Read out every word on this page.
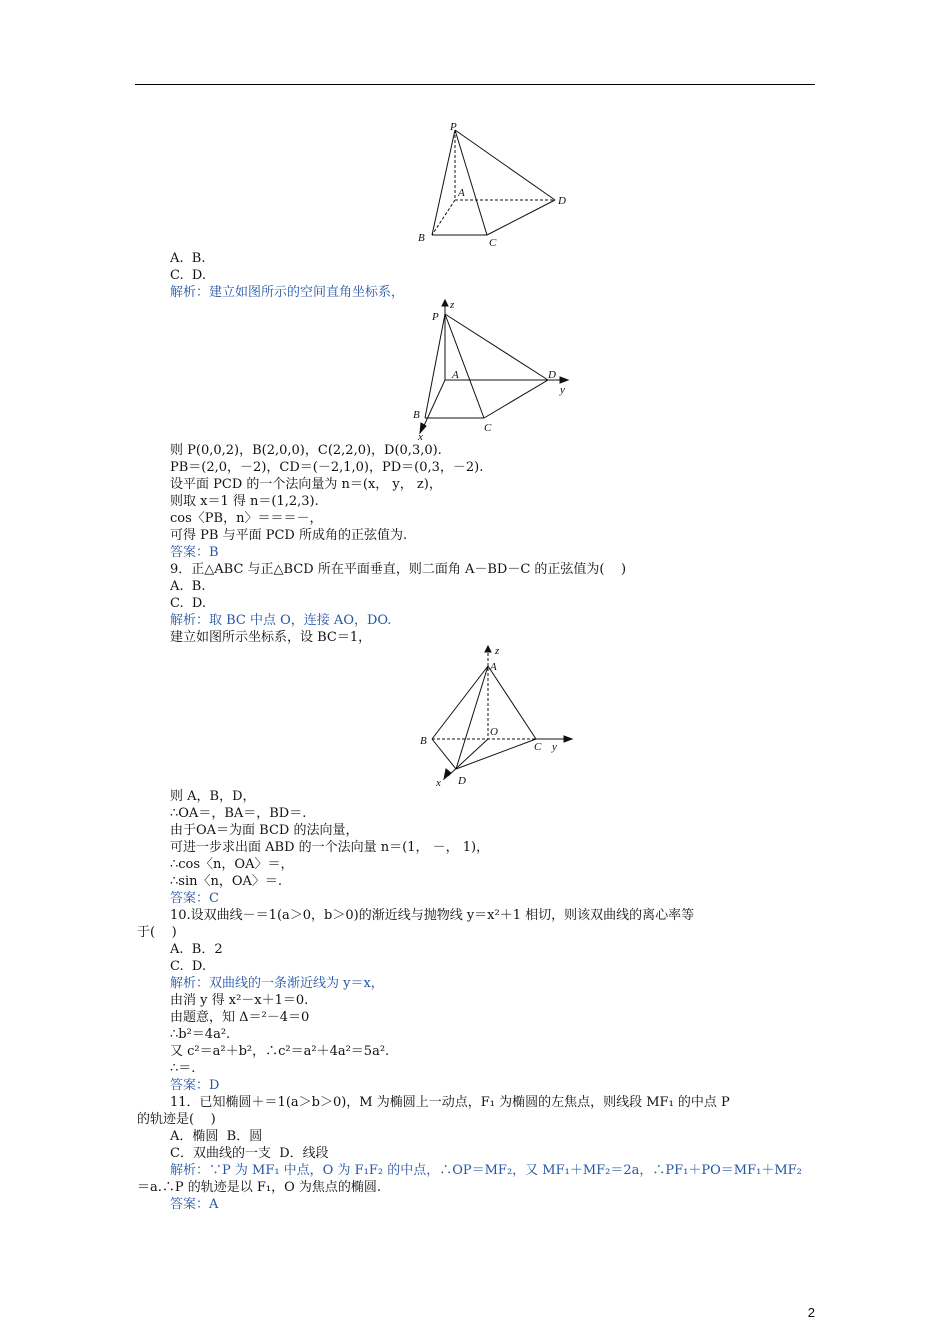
P
A
B	C
D
P
z
A
B
C
D
y
x
A
z
B
O
C y
D
x
A.  B.
C.  D.
解析：建立如图所示的空间直角坐标系，
则 P(0,0,2)，B(2,0,0)，C(2,2,0)，D(0,3,0).
PB＝(2,0，－2)，CD＝(－2,1,0)，PD＝(0,3，－2).
设平面 PCD 的一个法向量为 n＝(x， y， z)，
则取 x＝1 得 n＝(1,2,3).
cos〈PB，n〉＝＝＝－，
可得 PB 与平面 PCD 所成角的正弦值为.
答案：B
9．正△ABC 与正△BCD 所在平面垂直，则二面角 A－BD－C 的正弦值为(    )
A.  B.
C.  D.
解析：取 BC 中点 O，连接 AO，DO.
建立如图所示坐标系，设 BC＝1，
则 A，B，D，
∴OA＝，BA＝，BD＝.
由于OA＝为面 BCD 的法向量，
可进一步求出面 ABD 的一个法向量 n＝(1， －， 1)，
∴cos〈n，OA〉＝，
∴sin〈n，OA〉＝.
答案：C
10.设双曲线－＝1(a＞0，b＞0)的渐近线与抛物线 y＝x²＋1 相切，则该双曲线的离心率等
于(    )
A.  B．2
C.  D.
解析：双曲线的一条渐近线为 y＝x，
由消 y 得 x²－x＋1＝0.
由题意，知 Δ＝²－4＝0
∴b²＝4a².
又 c²＝a²＋b²，∴c²＝a²＋4a²＝5a².
∴＝.
答案：D
11．已知椭圆＋＝1(a＞b＞0)，M 为椭圆上一动点，F₁ 为椭圆的左焦点，则线段 MF₁ 的中点 P
的轨迹是(    )
A．椭圆  B．圆
C．双曲线的一支  D．线段
解析：∵P 为 MF₁ 中点，O 为 F₁F₂ 的中点，∴OP＝MF₂，又 MF₁＋MF₂＝2a，∴PF₁＋PO＝MF₁＋MF₂
＝a.∴P 的轨迹是以 F₁，O 为焦点的椭圆.
答案：A
2
